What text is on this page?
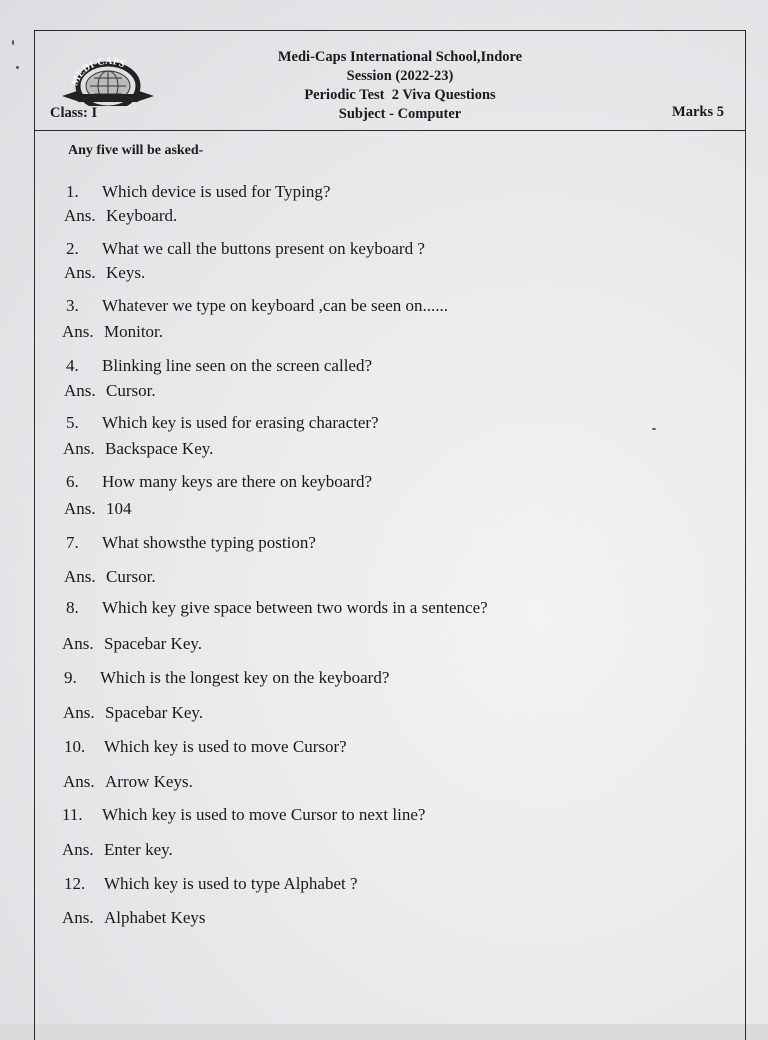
MEDI-CAPS	Medi-Caps International School,Indore
Session (2022-23)
Periodic Test  2 Viva Questions
Subject - Computer
Class: I	Marks 5
Any five will be asked-
1. Which device is used for Typing?
Ans. Keyboard.
2. What we call the buttons present on keyboard ?
Ans. Keys.
3. Whatever we type on keyboard ,can be seen on......
Ans. Monitor.
4. Blinking line seen on the screen called?
Ans. Cursor.
5. Which key is used for erasing character?
Ans. Backspace Key.
6. How many keys are there on keyboard?
Ans. 104
7. What showsthe typing postion?
Ans. Cursor.
8. Which key give space between two words in a sentence?
Ans. Spacebar Key.
9. Which is the longest key on the keyboard?
Ans. Spacebar Key.
10. Which key is used to move Cursor?
Ans. Arrow Keys.
11. Which key is used to move Cursor to next line?
Ans. Enter key.
12. Which key is used to type Alphabet ?
Ans. Alphabet Keys
